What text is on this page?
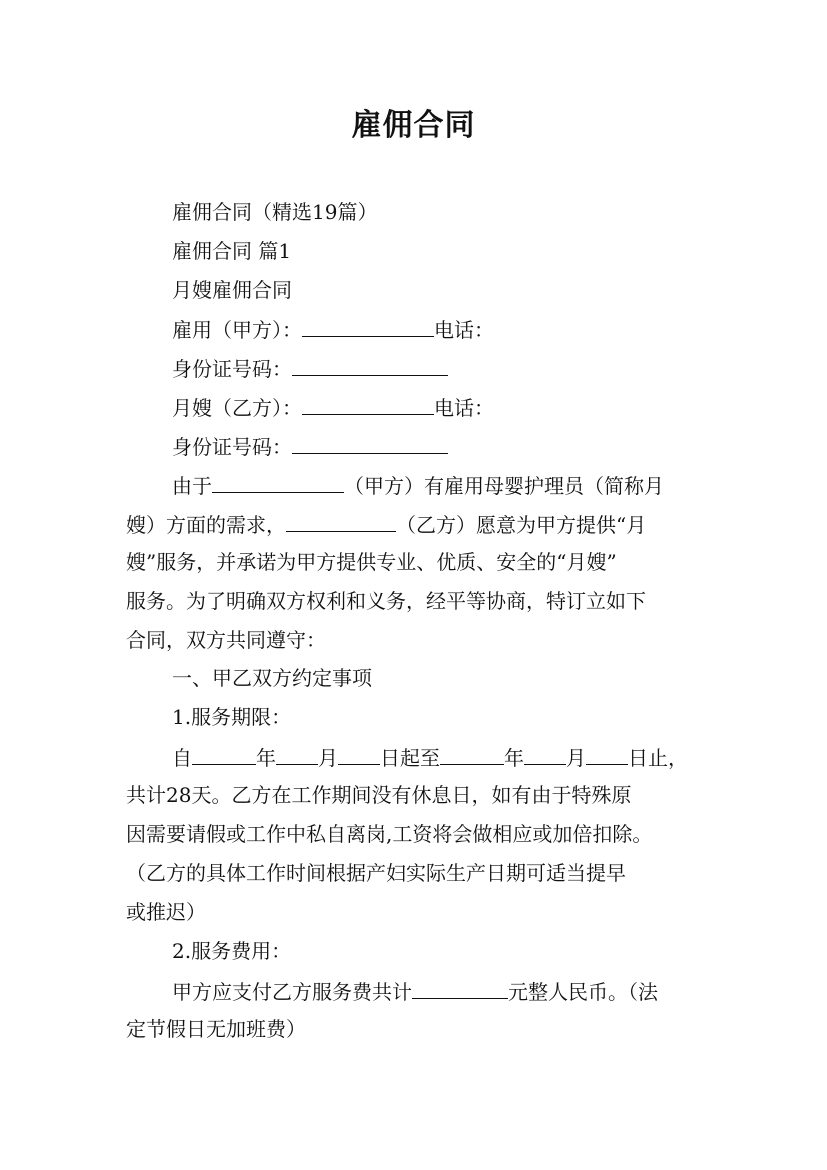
雇佣合同
雇佣合同（精选19篇）
雇佣合同 篇1
月嫂雇佣合同
雇用（甲方）：	电话：
身份证号码：
月嫂（乙方）：	电话：
身份证号码：
由于	（甲方）有雇用母婴护理员（简称月
嫂）方面的需求，	（乙方）愿意为甲方提供“月
嫂”服务，并承诺为甲方提供专业、优质、安全的“月嫂”
服务。为了明确双方权利和义务，经平等协商，特订立如下
合同，双方共同遵守：
一、甲乙双方约定事项
1.服务期限：
自	年 月 日起至	年 月 日止，
共计28天。乙方在工作期间没有休息日，如有由于特殊原
因需要请假或工作中私自离岗,工资将会做相应或加倍扣除。
（乙方的具体工作时间根据产妇实际生产日期可适当提早
或推迟）
2.服务费用：
甲方应支付乙方服务费共计	元整人民币。（法
定节假日无加班费）
